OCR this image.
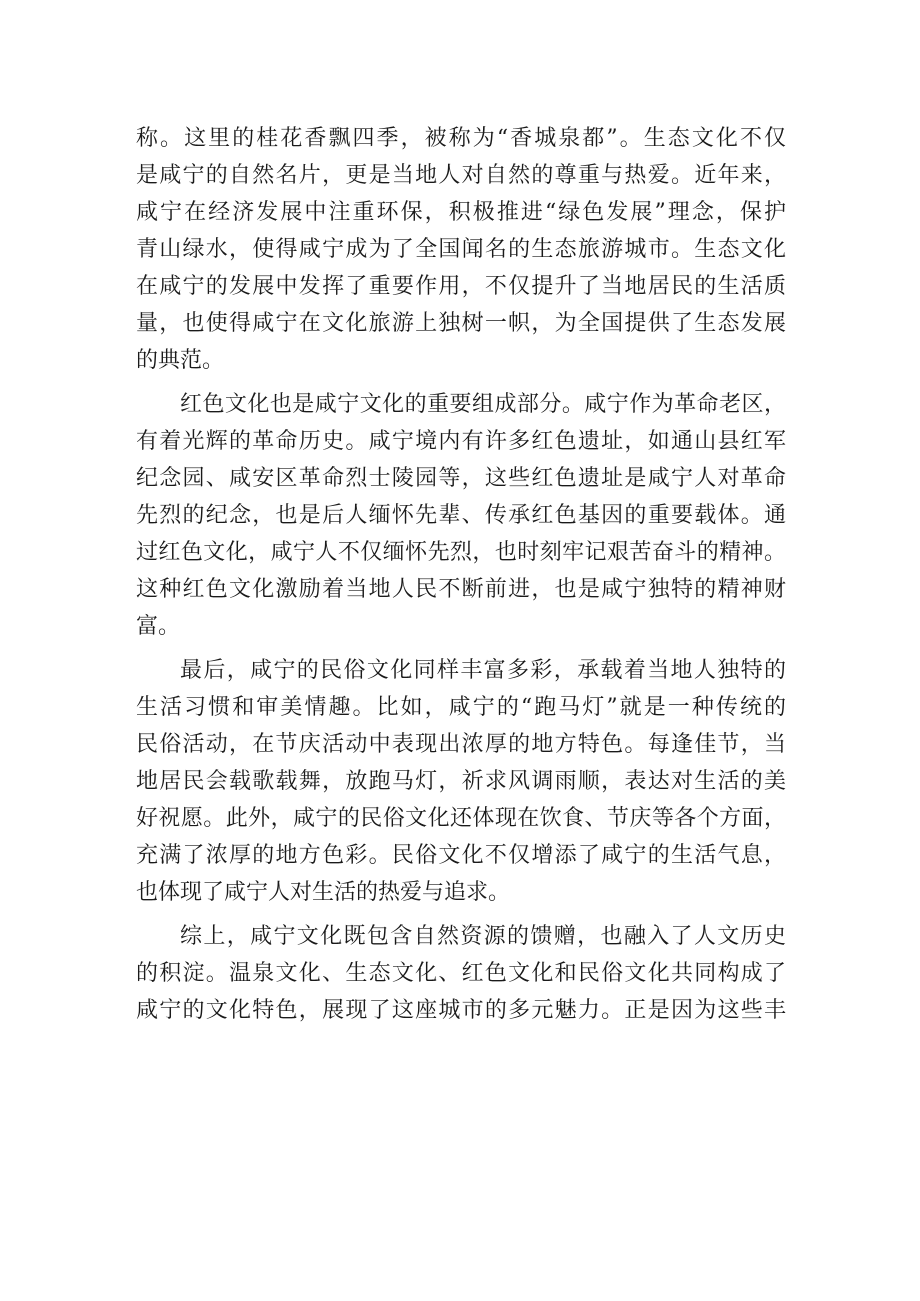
称。这里的桂花香飘四季，被称为“香城泉都”。生态文化不仅
是咸宁的自然名片，更是当地人对自然的尊重与热爱。近年来，
咸宁在经济发展中注重环保，积极推进“绿色发展”理念，保护
青山绿水，使得咸宁成为了全国闻名的生态旅游城市。生态文化
在咸宁的发展中发挥了重要作用，不仅提升了当地居民的生活质
量，也使得咸宁在文化旅游上独树一帜，为全国提供了生态发展
的典范。
红色文化也是咸宁文化的重要组成部分。咸宁作为革命老区，
有着光辉的革命历史。咸宁境内有许多红色遗址，如通山县红军
纪念园、咸安区革命烈士陵园等，这些红色遗址是咸宁人对革命
先烈的纪念，也是后人缅怀先辈、传承红色基因的重要载体。通
过红色文化，咸宁人不仅缅怀先烈，也时刻牢记艰苦奋斗的精神。
这种红色文化激励着当地人民不断前进，也是咸宁独特的精神财
富。
最后，咸宁的民俗文化同样丰富多彩，承载着当地人独特的
生活习惯和审美情趣。比如，咸宁的“跑马灯”就是一种传统的
民俗活动，在节庆活动中表现出浓厚的地方特色。每逢佳节，当
地居民会载歌载舞，放跑马灯，祈求风调雨顺，表达对生活的美
好祝愿。此外，咸宁的民俗文化还体现在饮食、节庆等各个方面，
充满了浓厚的地方色彩。民俗文化不仅增添了咸宁的生活气息，
也体现了咸宁人对生活的热爱与追求。
综上，咸宁文化既包含自然资源的馈赠，也融入了人文历史
的积淀。温泉文化、生态文化、红色文化和民俗文化共同构成了
咸宁的文化特色，展现了这座城市的多元魅力。正是因为这些丰
